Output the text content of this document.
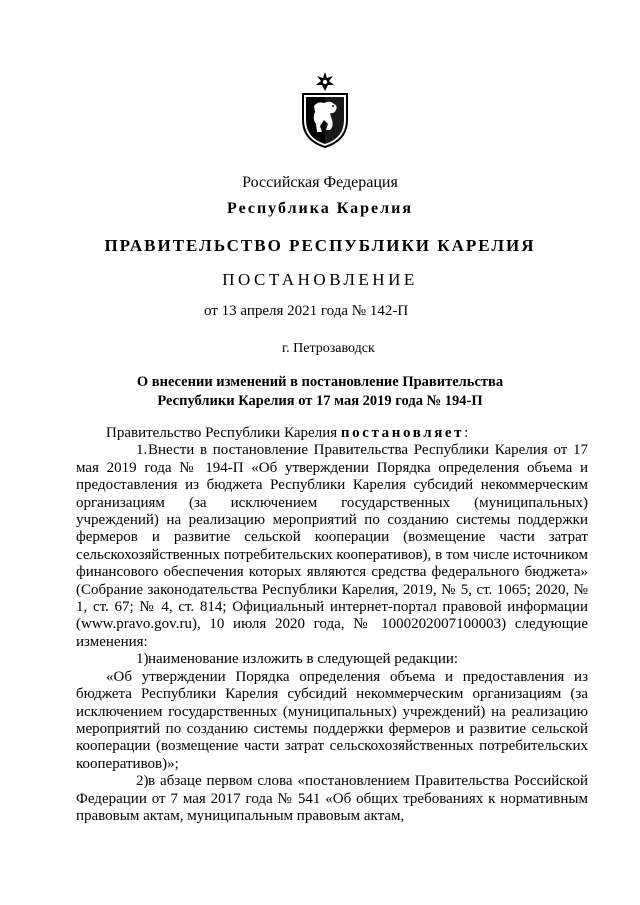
Российская Федерация
Республика Карелия
ПРАВИТЕЛЬСТВО РЕСПУБЛИКИ КАРЕЛИЯ
ПОСТАНОВЛЕНИЕ
от 13 апреля 2021 года № 142-П
г. Петрозаводск
О внесении изменений в постановление Правительства
Республики Карелия от 17 мая 2019 года № 194-П

Правительство Республики Карелия постановляет:

1.Внести в постановление Правительства Республики Карелия от 17 мая 2019 года № 194-П «Об утверждении Порядка определения объема и предоставления из бюджета Республики Карелия субсидий некоммерческим организациям (за исключением государственных (муниципальных) учреждений) на реализацию мероприятий по созданию системы поддержки фермеров и развитие сельской кооперации (возмещение части затрат сельскохозяйственных потребительских кооперативов), в том числе источником финансового обеспечения которых являются средства федерального бюджета» (Собрание законодательства Республики Карелия, 2019, № 5, ст. 1065; 2020, № 1, ст. 67; № 4, ст. 814; Официальный интернет-портал правовой информации (www.pravo.gov.ru), 10 июля 2020 года, № 1000202007100003) следующие изменения:

1)наименование изложить в следующей редакции:

«Об утверждении Порядка определения объема и предоставления из бюджета Республики Карелия субсидий некоммерческим организациям (за исключением государственных (муниципальных) учреждений) на реализацию мероприятий по созданию системы поддержки фермеров и развитие сельской кооперации (возмещение части затрат сельскохозяйственных потребительских кооперативов)»;

2)в абзаце первом слова «постановлением Правительства Российской Федерации от 7 мая 2017 года № 541 «Об общих требованиях к нормативным правовым актам, муниципальным правовым актам,
